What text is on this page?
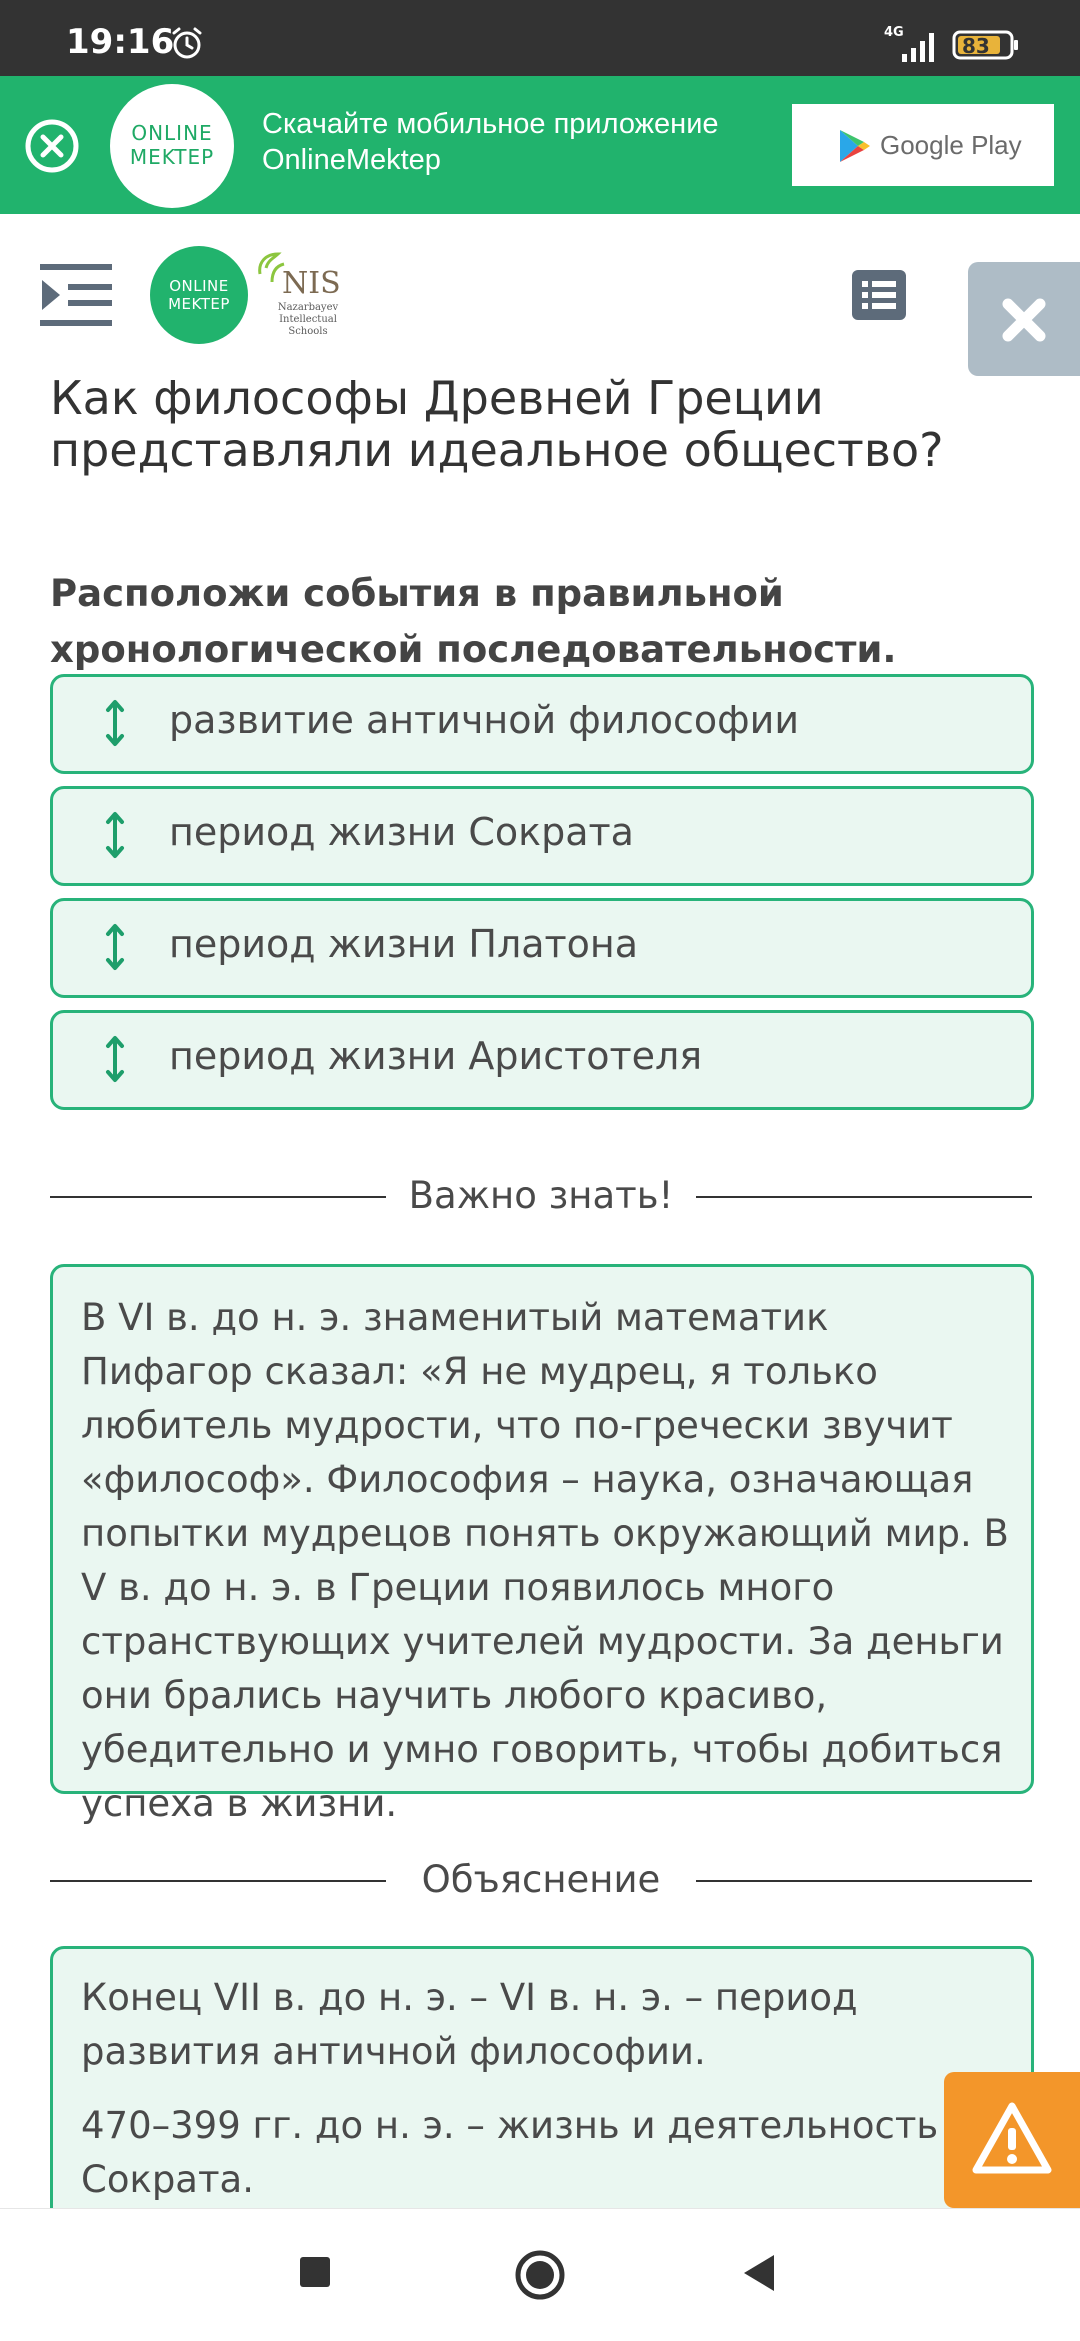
19:16	4G
83
ONLINE
MEKTEP
Скачайте мобильное приложение OnlineMektep	Google Play
ONLINE
MEKTEP
NIS
Nazarbayev Intellectual Schools
Как философы Древней Греции представляли идеальное общество?
Расположи события в правильной хронологической последовательности.
развитие античной философии
период жизни Сократа
период жизни Платона
период жизни Аристотеля
Важно знать!
В VI в. до н. э. знаменитый математик Пифагор сказал: «Я не мудрец, я только любитель мудрости, что по-гречески звучит «философ». Философия – наука, означающая попытки мудрецов понять окружающий мир. В V в. до н. э. в Греции появилось много странствующих учителей мудрости. За деньги они брались научить любого красиво, убедительно и умно говорить, чтобы добиться успеха в жизни.
Объяснение
Конец VII в. до н. э. – VI в. н. э. – период развития античной философии.
470–399 гг. до н. э. – жизнь и деятельность Сократа.
